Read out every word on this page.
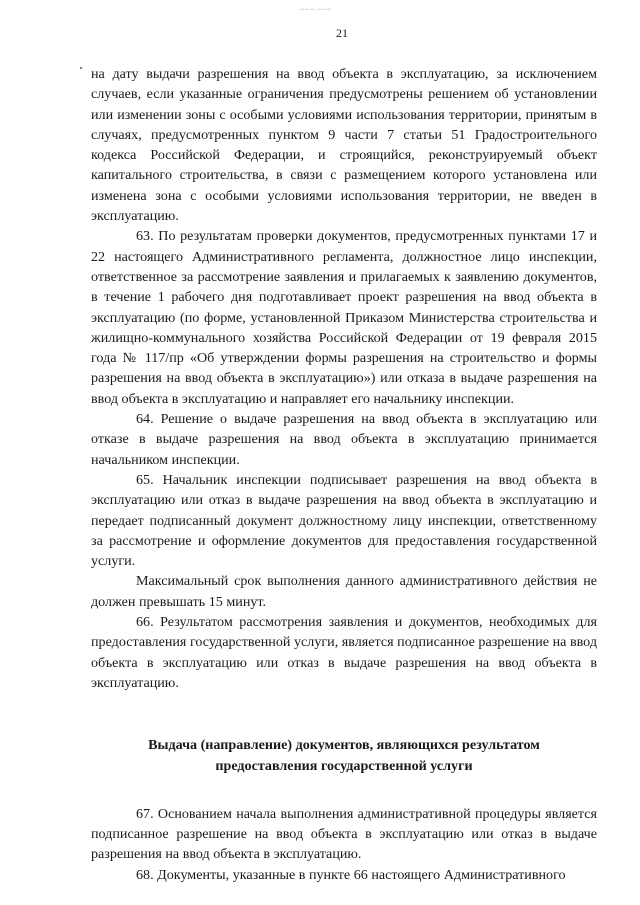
~~~·~~~
21

на дату выдачи разрешения на ввод объекта в эксплуатацию, за исключением случаев, если указанные ограничения предусмотрены решением об установлении или изменении зоны с особыми условиями использования территории, принятым в случаях, предусмотренных пунктом 9 части 7 статьи 51 Градостроительного кодекса Российской Федерации, и строящийся, реконструируемый объект капитального строительства, в связи с размещением которого установлена или изменена зона с особыми условиями использования территории, не введен в эксплуатацию.

63. По результатам проверки документов, предусмотренных пунктами 17 и 22 настоящего Административного регламента, должностное лицо инспекции, ответственное за рассмотрение заявления и прилагаемых к заявлению документов, в течение 1 рабочего дня подготавливает проект разрешения на ввод объекта в эксплуатацию (по форме, установленной Приказом Министерства строительства и жилищно-коммунального хозяйства Российской Федерации от 19 февраля 2015 года № 117/пр «Об утверждении формы разрешения на строительство и формы разрешения на ввод объекта в эксплуатацию») или отказа в выдаче разрешения на ввод объекта в эксплуатацию и направляет его начальнику инспекции.

64. Решение о выдаче разрешения на ввод объекта в эксплуатацию или отказе в выдаче разрешения на ввод объекта в эксплуатацию принимается начальником инспекции.

65. Начальник инспекции подписывает разрешения на ввод объекта в эксплуатацию или отказ в выдаче разрешения на ввод объекта в эксплуатацию и передает подписанный документ должностному лицу инспекции, ответственному за рассмотрение и оформление документов для предоставления государственной услуги.

Максимальный срок выполнения данного административного действия не должен превышать 15 минут.

66. Результатом рассмотрения заявления и документов, необходимых для предоставления государственной услуги, является подписанное разрешение на ввод объекта в эксплуатацию или отказ в выдаче разрешения на ввод объекта в эксплуатацию.

Выдача (направление) документов, являющихся результатом предоставления государственной услуги

67. Основанием начала выполнения административной процедуры является подписанное разрешение на ввод объекта в эксплуатацию или отказ в выдаче разрешения на ввод объекта в эксплуатацию.

68. Документы, указанные в пункте 66 настоящего Административного
